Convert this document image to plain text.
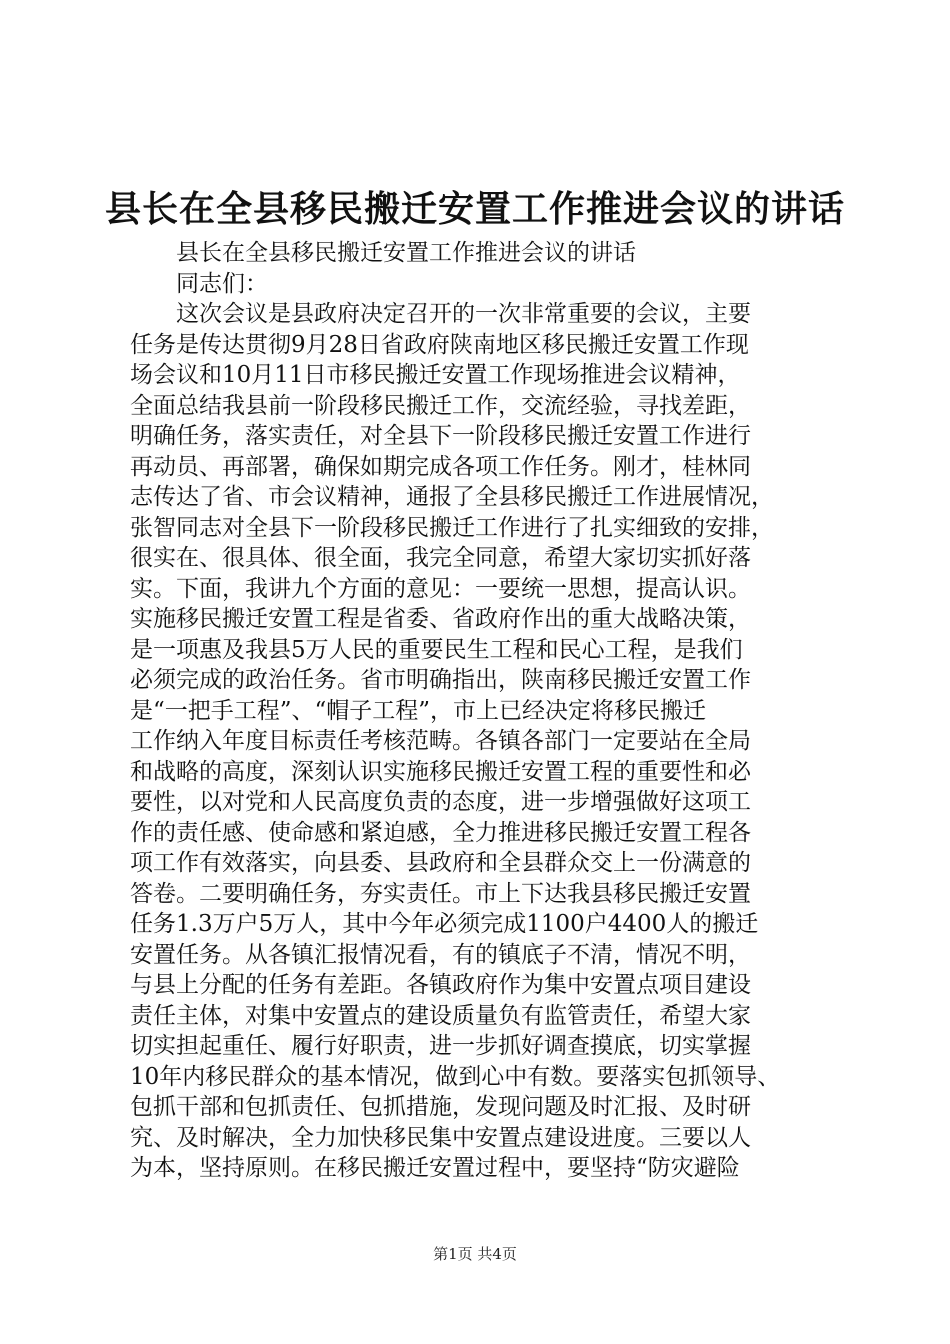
县长在全县移民搬迁安置工作推进会议的讲话
县长在全县移民搬迁安置工作推进会议的讲话
同志们：
这次会议是县政府决定召开的一次非常重要的会议，主要
任务是传达贯彻9月28日省政府陕南地区移民搬迁安置工作现
场会议和10月11日市移民搬迁安置工作现场推进会议精神，
全面总结我县前一阶段移民搬迁工作，交流经验，寻找差距，
明确任务，落实责任，对全县下一阶段移民搬迁安置工作进行
再动员、再部署，确保如期完成各项工作任务。刚才，桂林同
志传达了省、市会议精神，通报了全县移民搬迁工作进展情况，
张智同志对全县下一阶段移民搬迁工作进行了扎实细致的安排，
很实在、很具体、很全面，我完全同意，希望大家切实抓好落
实。下面，我讲九个方面的意见：一要统一思想，提高认识。
实施移民搬迁安置工程是省委、省政府作出的重大战略决策，
是一项惠及我县5万人民的重要民生工程和民心工程，是我们
必须完成的政治任务。省市明确指出，陕南移民搬迁安置工作
是“一把手工程”、“帽子工程”，市上已经决定将移民搬迁
工作纳入年度目标责任考核范畴。各镇各部门一定要站在全局
和战略的高度，深刻认识实施移民搬迁安置工程的重要性和必
要性，以对党和人民高度负责的态度，进一步增强做好这项工
作的责任感、使命感和紧迫感，全力推进移民搬迁安置工程各
项工作有效落实，向县委、县政府和全县群众交上一份满意的
答卷。二要明确任务，夯实责任。市上下达我县移民搬迁安置
任务1.3万户5万人，其中今年必须完成1100户4400人的搬迁
安置任务。从各镇汇报情况看，有的镇底子不清，情况不明，
与县上分配的任务有差距。各镇政府作为集中安置点项目建设
责任主体，对集中安置点的建设质量负有监管责任，希望大家
切实担起重任、履行好职责，进一步抓好调查摸底，切实掌握
10年内移民群众的基本情况，做到心中有数。要落实包抓领导、
包抓干部和包抓责任、包抓措施，发现问题及时汇报、及时研
究、及时解决，全力加快移民集中安置点建设进度。三要以人
为本，坚持原则。在移民搬迁安置过程中，要坚持“防灾避险
第1页 共4页
